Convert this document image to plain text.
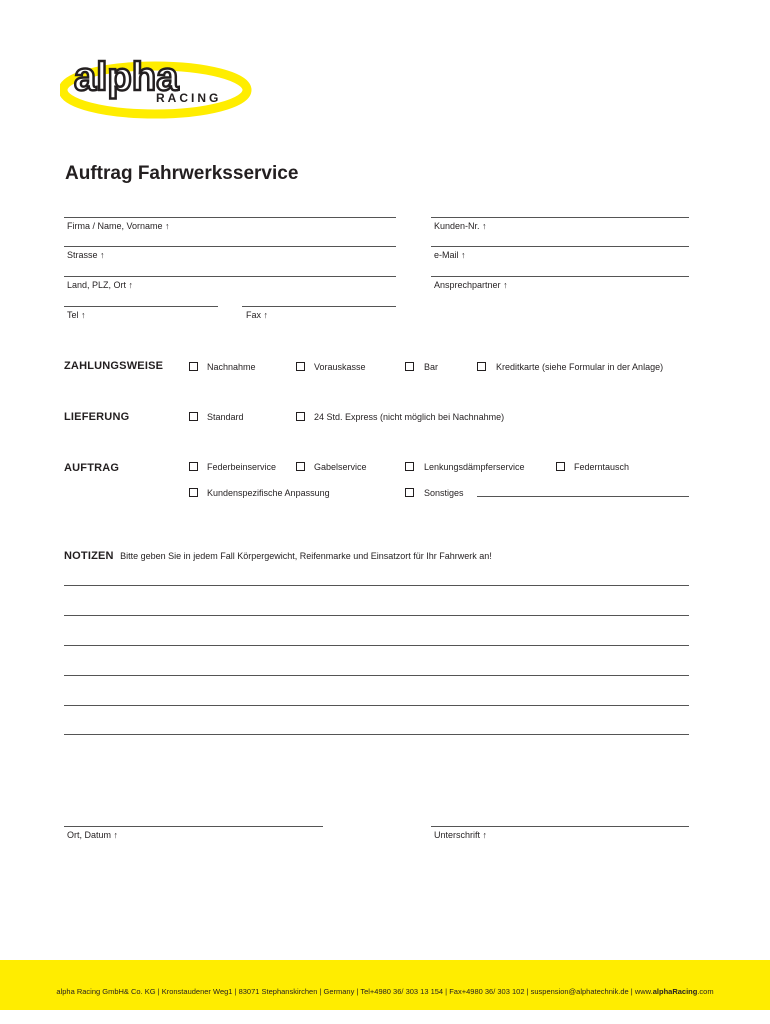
alpha
RACING
Auftrag Fahrwerksservice
Firma / Name, Vorname ↑	Kunden-Nr. ↑
Strasse ↑	e-Mail ↑
Land, PLZ, Ort ↑	Ansprechpartner ↑
Tel ↑	Fax ↑
ZAHLUNGSWEISE	Nachnahme	Vorauskasse	Bar	Kreditkarte (siehe Formular in der Anlage)
LIEFERUNG	Standard	24 Std. Express (nicht möglich bei Nachnahme)
AUFTRAG	Federbeinservice	Gabelservice	Lenkungsdämpferservice	Federntausch
Kundenspezifische Anpassung	Sonstiges
NOTIZEN Bitte geben Sie in jedem Fall Körpergewicht, Reifenmarke und Einsatzort für Ihr Fahrwerk an!
Ort, Datum ↑	Unterschrift ↑
alpha Racing GmbH& Co. KG | Kronstaudener Weg1 | 83071 Stephanskirchen | Germany | Tel+4980 36/ 303 13 154 | Fax+4980 36/ 303 102 | suspension@alphatechnik.de | www.alphaRacing.com
